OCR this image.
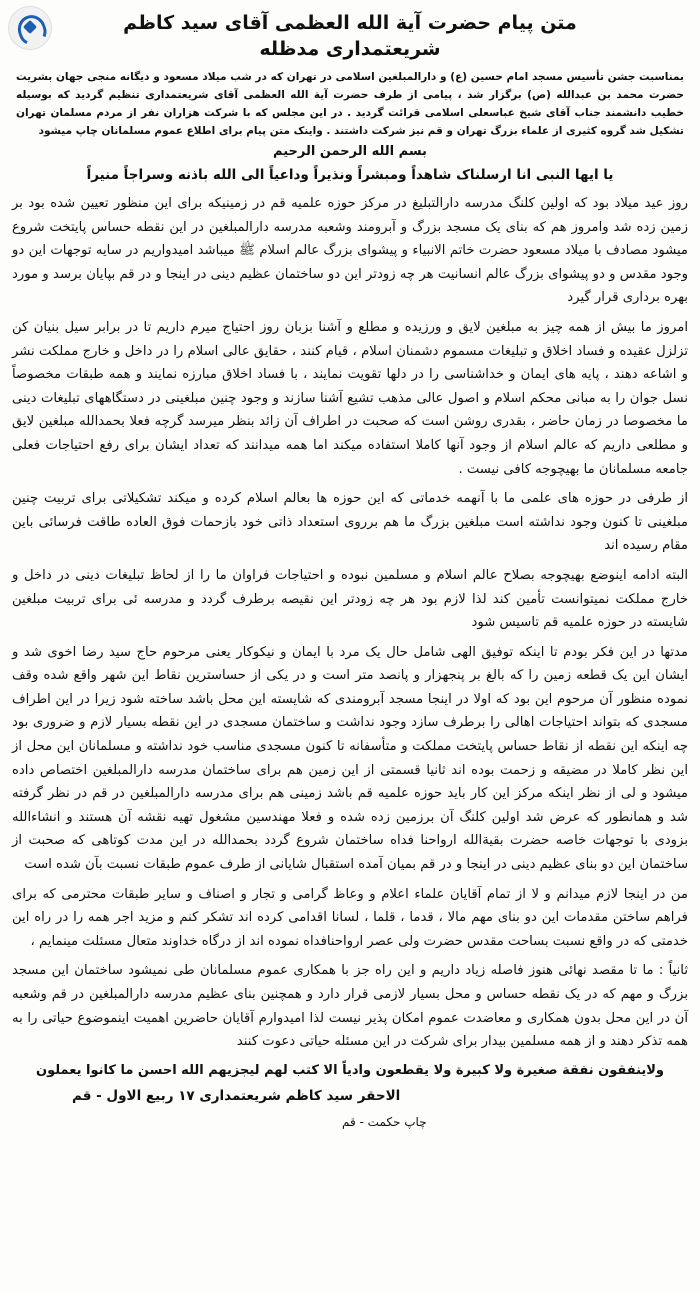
متن پیام حضرت آیة الله العظمی آقای سید کاظم شریعتمداری مدظله
بمناسبت جشن تأسیس مسجد امام حسین (ع) و دارالمبلغین اسلامی در تهران که در شب میلاد مسعود و دیگانه منجی جهان بشریت حضرت محمد بن عبدالله (ص) برگزار شد ، پیامی از طرف حضرت آیة الله العظمی آقای شریعتمداری تنظیم گردید که بوسیله خطیب دانشمند جناب آقای شیخ عباسعلی اسلامی قرائت گردید . در این مجلس که با شرکت هزاران نفر از مردم مسلمان تهران تشکیل شد گروه کثیری از علماء بزرگ تهران و قم نیز شرکت داشتند . واینک متن پیام برای اطلاع عموم مسلمانان چاپ میشود
بسم الله الرحمن الرحیم
یا ایها النبی انا ارسلناک شاهداً ومبشراً ونذیراً وداعیاً الی الله باذنه وسراجاً منیراً

روز عید میلاد بود که اولین کلنگ مدرسه دارالتبلیغ در مرکز حوزه علمیه قم در زمینیکه برای این منظور تعیین شده بود بر زمین زده شد وامروز هم که بنای یک مسجد بزرگ و آبرومند وشعبه مدرسه دارالمبلغین در این نقطه حساس پایتخت شروع میشود مصادف با میلاد مسعود حضرت خاتم الانبیاء و پیشوای بزرگ عالم اسلام ﷺ میباشد امیدواریم در سایه توجهات این دو وجود مقدس و دو پیشوای بزرگ عالم انسانیت هر چه زودتر این دو ساختمان عظیم دینی در اینجا و در قم بپایان برسد و مورد بهره برداری قرار گیرد

امروز ما بیش از همه چیز به مبلغین لایق و ورزیده و مطلع و آشنا بزبان روز احتیاج میرم داریم تا در برابر سیل بنیان کن تزلزل عقیده و فساد اخلاق و تبلیغات مسموم دشمنان اسلام ، قیام کنند ، حقایق عالی اسلام را در داخل و خارج مملکت نشر و اشاعه دهند ، پایه های ایمان و خداشناسی را در دلها تقویت نمایند ، با فساد اخلاق مبارزه نمایند و همه طبقات مخصوصاً نسل جوان را به مبانی محکم اسلام و اصول عالی مذهب تشیع آشنا سازند و وجود چنین مبلغینی در دستگاههای تبلیغات دینی ما مخصوصا در زمان حاضر ، بقدری روشن است که صحبت در اطراف آن زائد بنظر میرسد گرچه فعلا بحمدالله مبلغین لایق و مطلعی داریم که عالم اسلام از وجود آنها کاملا استفاده میکند اما همه میدانند که تعداد ایشان برای رفع احتیاجات فعلی جامعه مسلمانان ما بهیچوجه کافی نیست .

از طرفی در حوزه های علمی ما با آنهمه خدماتی که این حوزه ها بعالم اسلام کرده و میکند تشکیلاتی برای تربیت چنین مبلغینی تا کنون وجود نداشته است مبلغین بزرگ ما هم برروی استعداد ذاتی خود بازحمات فوق العاده طاقت فرسائی باین مقام رسیده اند

البته ادامه اینوضع بهیچوجه بصلاح عالم اسلام و مسلمین نبوده و احتیاجات فراوان ما را از لحاظ تبلیغات دینی در داخل و خارج مملکت نمیتوانست تأمین کند لذا لازم بود هر چه زودتر این نقیصه برطرف گردد و مدرسه ئی برای تربیت مبلغین شایسته در حوزه علمیه قم تاسیس شود

مدتها در این فکر بودم تا اینکه توفیق الهی شامل حال یک مرد با ایمان و نیکوکار یعنی مرحوم حاج سید رضا اخوی شد و ایشان این یک قطعه زمین را که بالغ بر پنجهزار و پانصد متر است و در یکی از حساسترین نقاط این شهر واقع شده وقف نموده منظور آن مرحوم این بود که اولا در اینجا مسجد آبرومندی که شایسته این محل باشد ساخته شود زیرا در این اطراف مسجدی که بتواند احتیاجات اهالی را برطرف سازد وجود نداشت و ساختمان مسجدی در این نقطه بسیار لازم و ضروری بود چه اینکه این نقطه از نقاط حساس پایتخت مملکت و متأسفانه تا کنون مسجدی مناسب خود نداشته و مسلمانان این محل از این نظر کاملا در مضیقه و زحمت بوده اند ثانیا قسمتی از این زمین هم برای ساختمان مدرسه دارالمبلغین اختصاص داده میشود و لی از نظر اینکه مرکز این کار باید حوزه علمیه قم باشد زمینی هم برای مدرسه دارالمبلغین در قم در نظر گرفته شد و همانطور که عرض شد اولین کلنگ آن برزمین زده شده و فعلا مهندسین مشغول تهیه نقشه آن هستند و انشاءالله بزودی با توجهات خاصه حضرت بقیةالله ارواحنا فداه ساختمان شروع گردد بحمدالله در این مدت کوتاهی که صحبت از ساختمان این دو بنای عظیم دینی در اینجا و در قم بمیان آمده استقبال شایانی از طرف عموم طبقات نسبت بآن شده است

من در اینجا لازم میدانم و لا از تمام آقایان علماء اعلام و وعاظ گرامی و تجار و اصناف و سایر طبقات محترمی که برای فراهم ساختن مقدمات این دو بنای مهم مالا ، قدما ، قلما ، لسانا اقدامی کرده اند تشکر کنم و مزید اجر همه را در راه این خدمتی که در واقع نسبت بساحت مقدس حضرت ولی عصر ارواحنافداه نموده اند از درگاه خداوند متعال مسئلت مینمایم ،

ثانیاً : ما تا مقصد نهائی هنوز فاصله زیاد داریم و این راه جز با همکاری عموم مسلمانان طی نمیشود ساختمان این مسجد بزرگ و مهم که در یک نقطه حساس و محل بسیار لازمی قرار دارد و همچنین بنای عظیم مدرسه دارالمبلغین در قم وشعبه آن در این محل بدون همکاری و معاضدت عموم امکان پذیر نیست لذا امیدوارم آقایان حاضرین اهمیت اینموضوع حیاتی را به همه تذکر دهند و از همه مسلمین بیدار برای شرکت در این مسئله حیاتی دعوت کنند

ولاینفقون نفقة صغیرة ولا کبیرة ولا یقطعون وادیاً الا کتب لهم لیجزیهم الله احسن ما کانوا یعملون
الاحقر سید کاظم شریعتمداری ۱۷ ربیع الاول - قم
چاپ حکمت - قم
